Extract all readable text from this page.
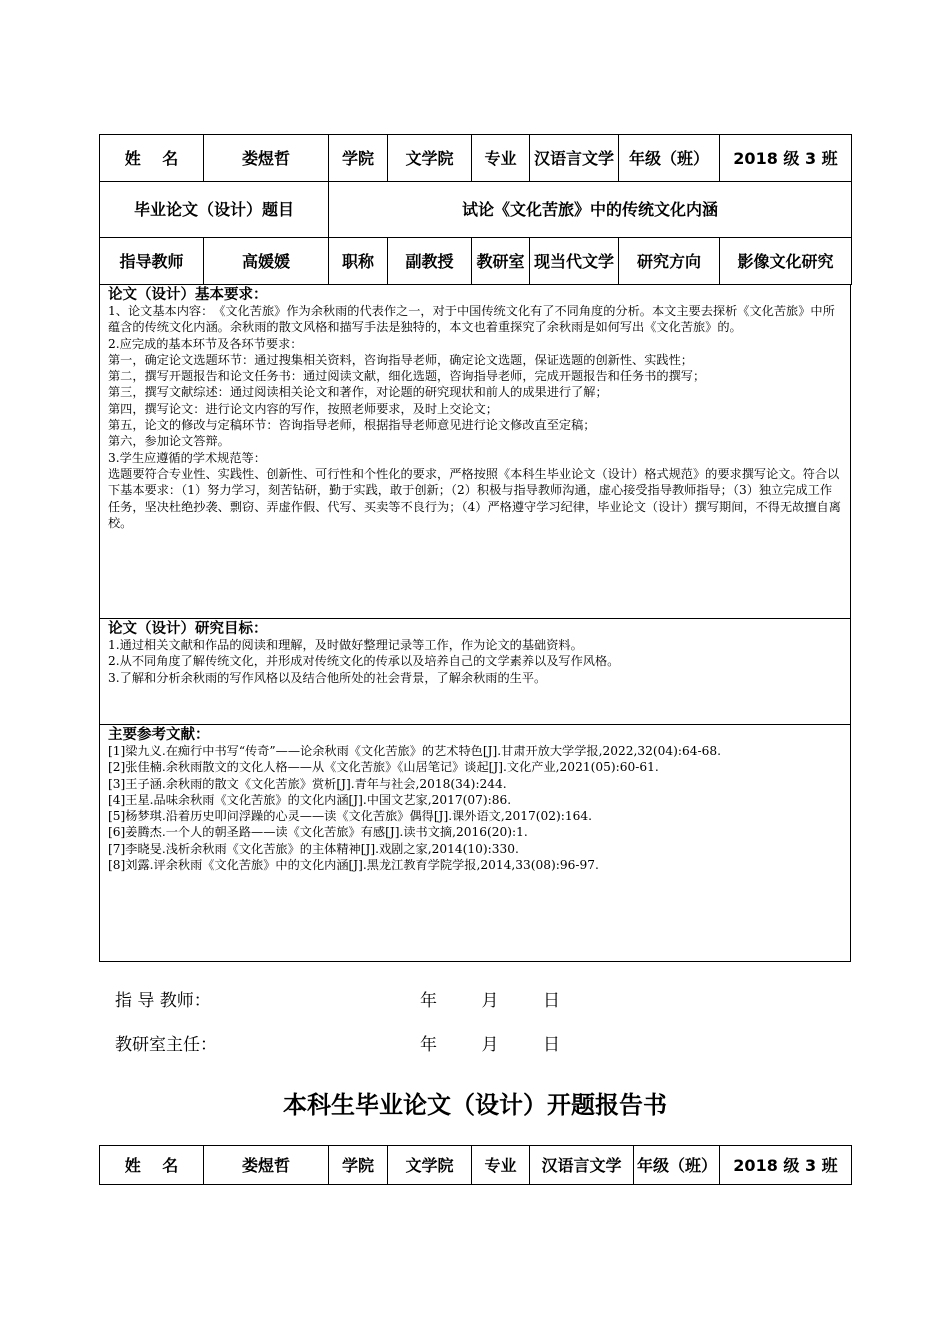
姓　 名	娄煜哲	学院	文学院	专业	汉语言文学	年级（班）	2018 级 3 班
毕业论文（设计）题目		试论《文化苦旅》中的传统文化内涵					
指导教师	高媛媛	职称	副教授	教研室	现当代文学	研究方向	影像文化研究
论文（设计）基本要求：
1、论文基本内容：　《文化苦旅》作为余秋雨的代表作之一，对于中国传统文化有了不同角度的分析。本文主要去探析《文化苦旅》中所蕴含的传统文化内涵。余秋雨的散文风格和描写手法是独特的，本文也着重探究了余秋雨是如何写出《文化苦旅》的。
2.应完成的基本环节及各环节要求：
第一，确定论文选题环节：通过搜集相关资料，咨询指导老师，确定论文选题，保证选题的创新性、实践性；
第二，撰写开题报告和论文任务书：通过阅读文献，细化选题，咨询指导老师，完成开题报告和任务书的撰写；
第三，撰写文献综述：通过阅读相关论文和著作，对论题的研究现状和前人的成果进行了解；
第四，撰写论文：进行论文内容的写作，按照老师要求，及时上交论文；
第五，论文的修改与定稿环节：咨询指导老师，根据指导老师意见进行论文修改直至定稿；
第六，参加论文答辩。
3.学生应遵循的学术规范等：
选题要符合专业性、实践性、创新性、可行性和个性化的要求，严格按照《本科生毕业论文（设计）格式规范》的要求撰写论文。符合以下基本要求：（1）努力学习，刻苦钻研，勤于实践，敢于创新；（2）积极与指导教师沟通，虚心接受指导教师指导；（3）独立完成工作任务，坚决杜绝抄袭、剽窃、弄虚作假、代写、买卖等不良行为；（4）严格遵守学习纪律，毕业论文（设计）撰写期间，不得无故擅自离校。
论文（设计）研究目标：
1.通过相关文献和作品的阅读和理解，及时做好整理记录等工作，作为论文的基础资料。
2.从不同角度了解传统文化，并形成对传统文化的传承以及培养自己的文学素养以及写作风格。
3.了解和分析余秋雨的写作风格以及结合他所处的社会背景，了解余秋雨的生平。
主要参考文献：
[1]梁九义.在痴行中书写“传奇”——论余秋雨《文化苦旅》的艺术特色[J].甘肃开放大学学报,2022,32(04):64-68.
[2]张佳楠.余秋雨散文的文化人格——从《文化苦旅》《山居笔记》谈起[J].文化产业,2021(05):60-61.
[3]王子涵.余秋雨的散文《文化苦旅》赏析[J].青年与社会,2018(34):244.
[4]王星.品味余秋雨《文化苦旅》的文化内涵[J].中国文艺家,2017(07):86.
[5]杨梦琪.沿着历史叩问浮躁的心灵——读《文化苦旅》偶得[J].课外语文,2017(02):164.
[6]姜腾杰.一个人的朝圣路——读《文化苦旅》有感[J].读书文摘,2016(20):1.
[7]李晓旻.浅析余秋雨《文化苦旅》的主体精神[J].戏剧之家,2014(10):330.
[8]刘露.评余秋雨《文化苦旅》中的文化内涵[J].黑龙江教育学院学报,2014,33(08):96-97.
指 导 教师：	年	月	日
教研室主任：	年	月	日
本科生毕业论文（设计）开题报告书
姓　 名	娄煜哲	学院	文学院	专业	汉语言文学	年级（班）	2018 级 3 班
